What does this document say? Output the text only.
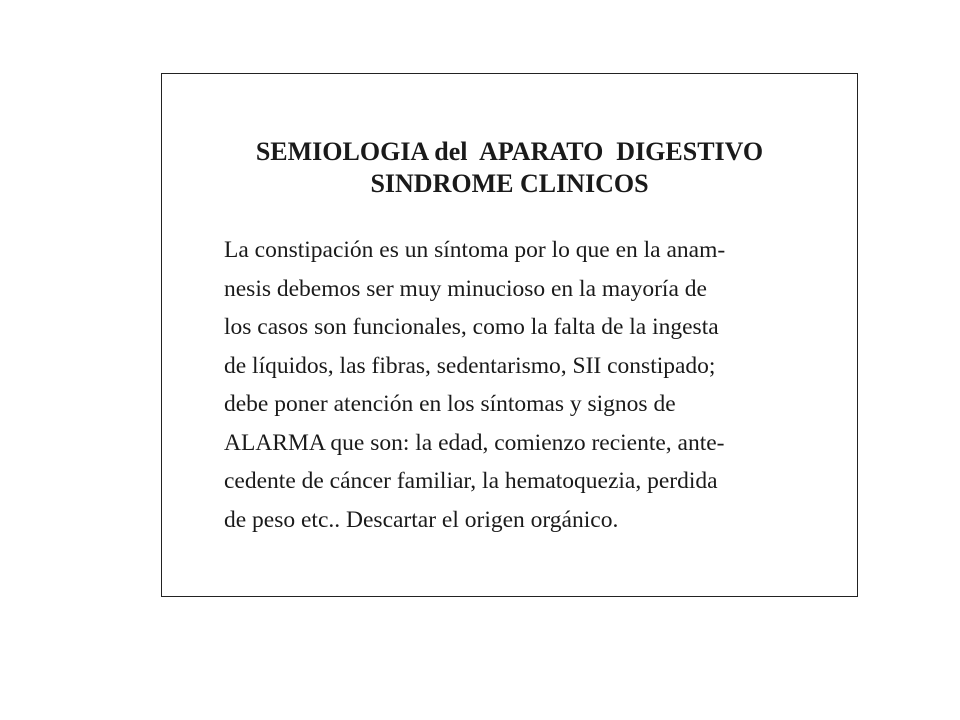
SEMIOLOGIA del  APARATO  DIGESTIVO
SINDROME CLINICOS
La constipación es un síntoma por lo que en la anam-
nesis debemos ser muy minucioso en la mayoría de
los casos son funcionales, como la falta de la ingesta
de líquidos, las fibras, sedentarismo, SII constipado;
debe poner atención en los síntomas y signos de
ALARMA que son: la edad, comienzo reciente, ante-
cedente de cáncer familiar, la hematoquezia, perdida
de peso etc.. Descartar el origen orgánico.
